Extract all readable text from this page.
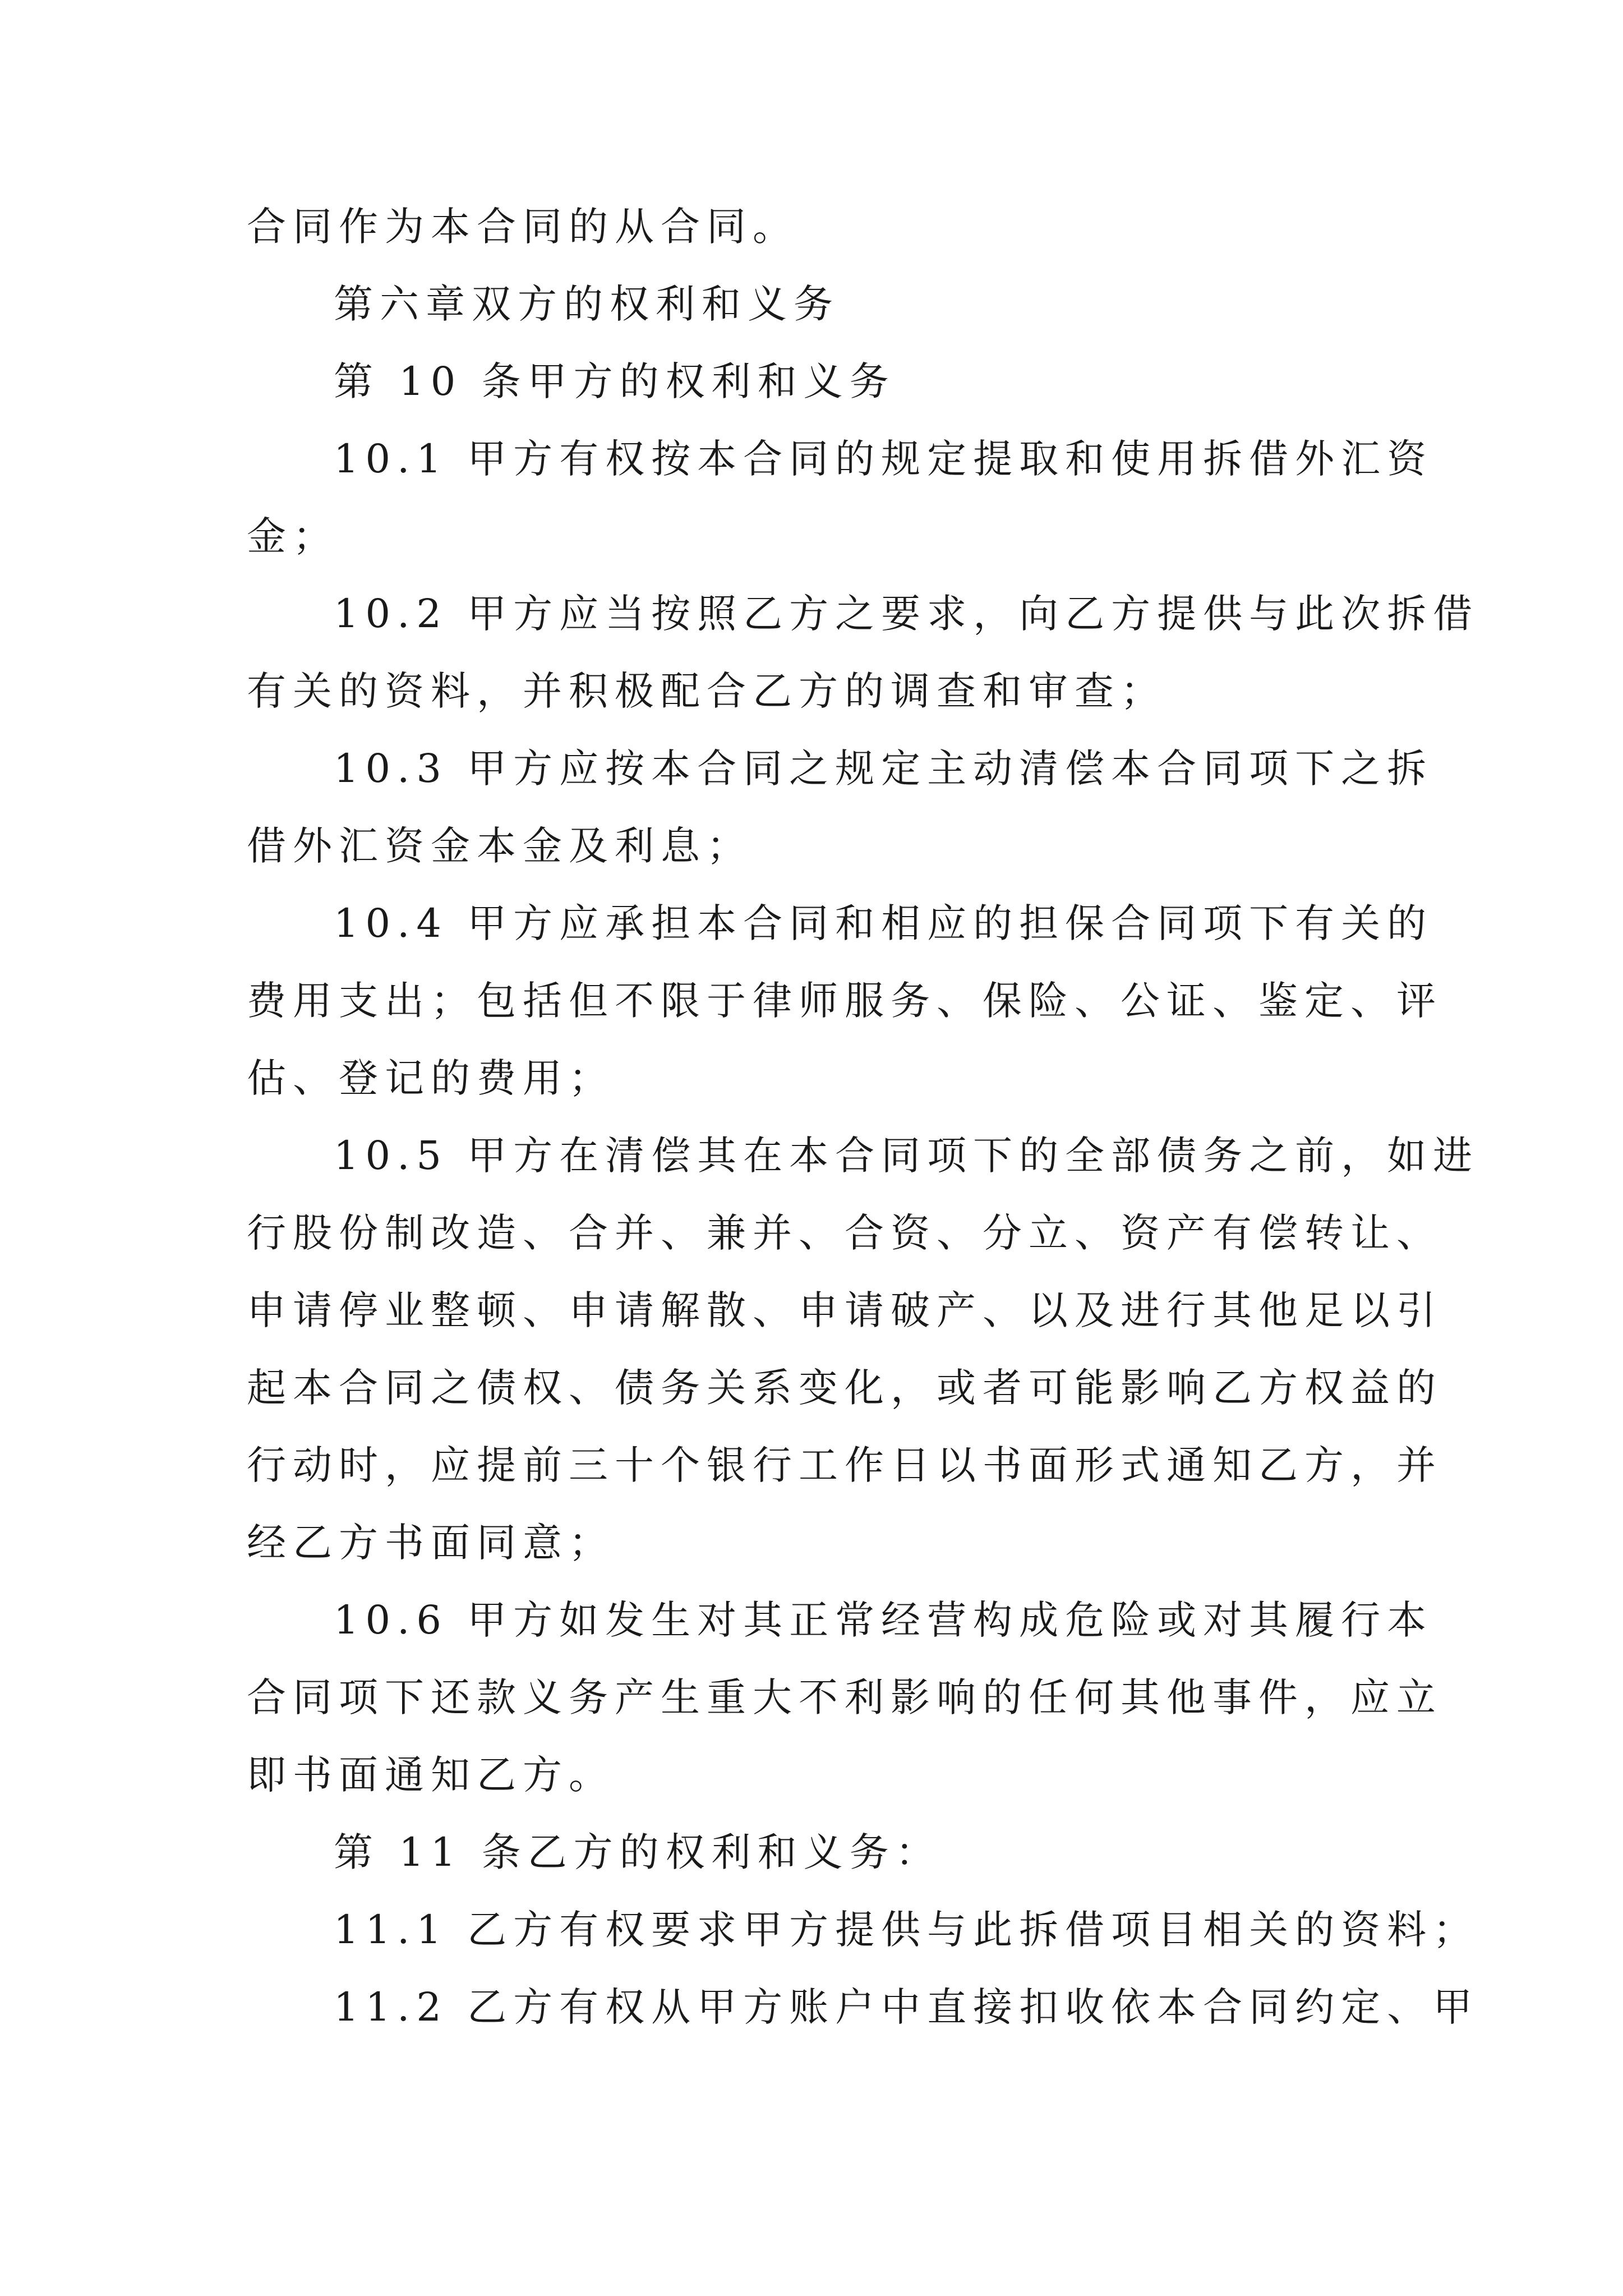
合同作为本合同的从合同。
第六章双方的权利和义务
第 10 条甲方的权利和义务
10.1 甲方有权按本合同的规定提取和使用拆借外汇资
金；
10.2 甲方应当按照乙方之要求，向乙方提供与此次拆借
有关的资料，并积极配合乙方的调查和审查；
10.3 甲方应按本合同之规定主动清偿本合同项下之拆
借外汇资金本金及利息；
10.4 甲方应承担本合同和相应的担保合同项下有关的
费用支出；包括但不限于律师服务、保险、公证、鉴定、评
估、登记的费用；
10.5 甲方在清偿其在本合同项下的全部债务之前，如进
行股份制改造、合并、兼并、合资、分立、资产有偿转让、
申请停业整顿、申请解散、申请破产、以及进行其他足以引
起本合同之债权、债务关系变化，或者可能影响乙方权益的
行动时，应提前三十个银行工作日以书面形式通知乙方，并
经乙方书面同意；
10.6 甲方如发生对其正常经营构成危险或对其履行本
合同项下还款义务产生重大不利影响的任何其他事件，应立
即书面通知乙方。
第 11 条乙方的权利和义务：
11.1 乙方有权要求甲方提供与此拆借项目相关的资料；
11.2 乙方有权从甲方账户中直接扣收依本合同约定、甲
